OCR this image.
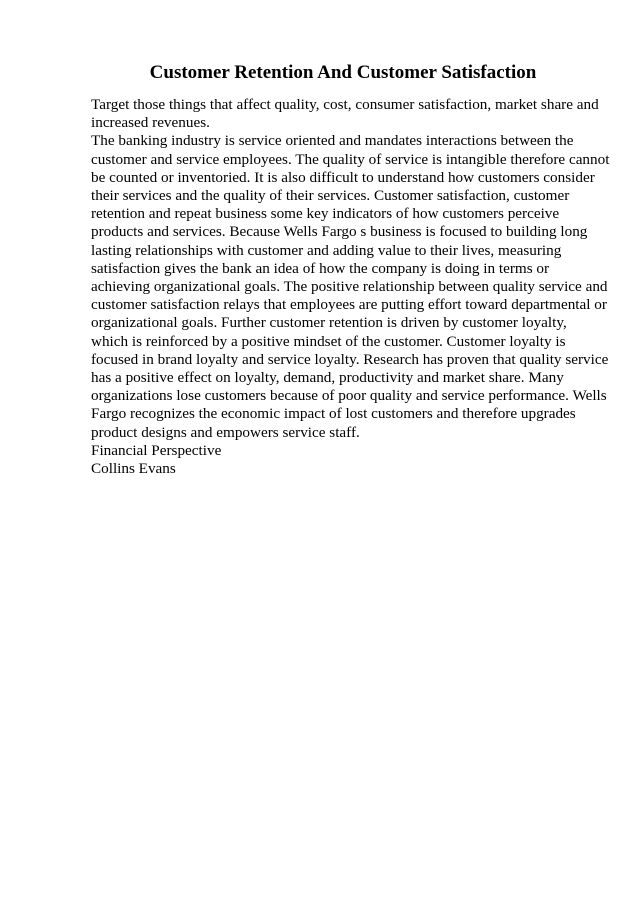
Customer Retention And Customer Satisfaction
Target those things that affect quality, cost, consumer satisfaction, market share and
increased revenues.
The banking industry is service oriented and mandates interactions between the
customer and service employees. The quality of service is intangible therefore cannot
be counted or inventoried. It is also difficult to understand how customers consider
their services and the quality of their services. Customer satisfaction, customer
retention and repeat business some key indicators of how customers perceive
products and services. Because Wells Fargo s business is focused to building long
lasting relationships with customer and adding value to their lives, measuring
satisfaction gives the bank an idea of how the company is doing in terms or
achieving organizational goals. The positive relationship between quality service and
customer satisfaction relays that employees are putting effort toward departmental or
organizational goals. Further customer retention is driven by customer loyalty,
which is reinforced by a positive mindset of the customer. Customer loyalty is
focused in brand loyalty and service loyalty. Research has proven that quality service
has a positive effect on loyalty, demand, productivity and market share. Many
organizations lose customers because of poor quality and service performance. Wells
Fargo recognizes the economic impact of lost customers and therefore upgrades
product designs and empowers service staff.
Financial Perspective
Collins Evans
